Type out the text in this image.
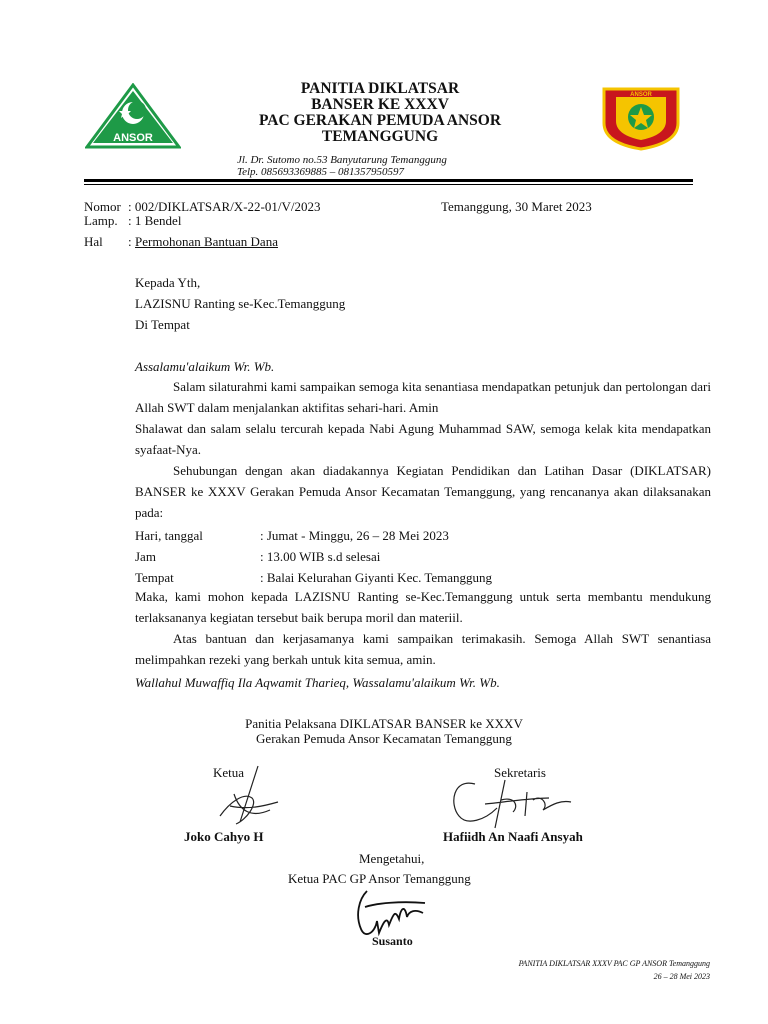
ANSOR
ANSOR
PANITIA DIKLATSAR
BANSER KE XXXV
PAC GERAKAN PEMUDA ANSOR
TEMANGGUNG
Jl. Dr. Sutomo no.53 Banyutarung Temanggung
Telp. 085693369885 – 081357950597
Nomor : 002/DIKLATSAR/X-22-01/V/2023	Temanggung, 30 Maret 2023
Lamp. : 1 Bendel
Hal : Permohonan Bantuan Dana
Kepada Yth,
LAZISNU Ranting se-Kec.Temanggung
Di Tempat
Assalamu'alaikum Wr. Wb.
Salam silaturahmi kami sampaikan semoga kita senantiasa mendapatkan petunjuk dan pertolongan dari Allah SWT dalam menjalankan aktifitas sehari-hari. Amin
Shalawat dan salam selalu tercurah kepada Nabi Agung Muhammad SAW, semoga kelak kita mendapatkan syafaat-Nya.
Sehubungan dengan akan diadakannya Kegiatan Pendidikan dan Latihan Dasar (DIKLATSAR) BANSER ke XXXV Gerakan Pemuda Ansor Kecamatan Temanggung, yang rencananya akan dilaksanakan pada:
Hari, tanggal	: Jumat - Minggu, 26 – 28 Mei 2023
Jam	: 13.00 WIB s.d selesai
Tempat	: Balai Kelurahan Giyanti Kec. Temanggung
Maka, kami mohon kepada LAZISNU Ranting se-Kec.Temanggung untuk serta membantu mendukung terlaksananya kegiatan tersebut baik berupa moril dan materiil.
Atas bantuan dan kerjasamanya kami sampaikan terimakasih. Semoga Allah SWT senantiasa melimpahkan rezeki yang berkah untuk kita semua, amin.
Wallahul Muwaffiq Ila Aqwamit Tharieq, Wassalamu'alaikum Wr. Wb.
Panitia Pelaksana DIKLATSAR BANSER ke XXXV
Gerakan Pemuda Ansor Kecamatan Temanggung
Ketua	Sekretaris
Joko Cahyo H	Hafiidh An Naafi Ansyah
Mengetahui,
Ketua PAC GP Ansor Temanggung
Susanto
PANITIA DIKLATSAR XXXV PAC GP ANSOR Temanggung
26 – 28 Mei 2023
